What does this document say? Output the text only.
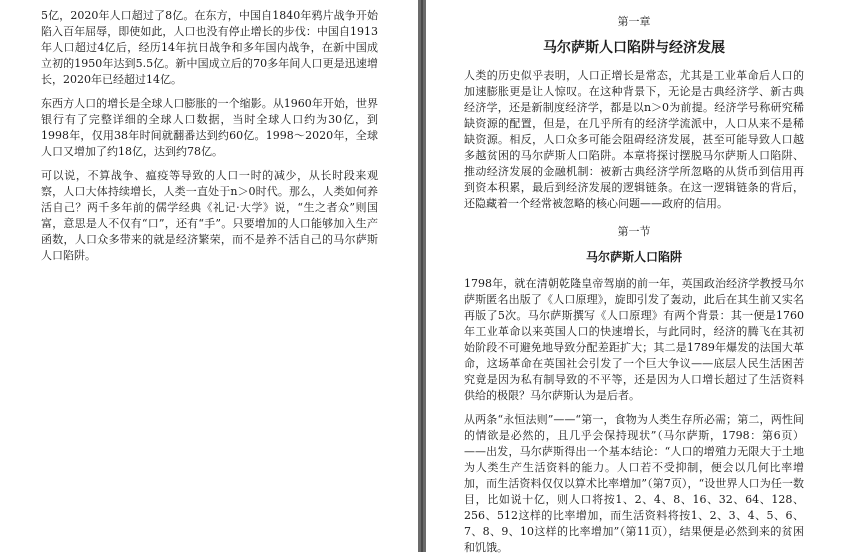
5亿，2020年人口超过了8亿。在东方，中国自1840年鸦片战争开始陷入百年屈辱，即使如此，人口也没有停止增长的步伐：中国自1913年人口超过4亿后，经历14年抗日战争和多年国内战争，在新中国成立初的1950年达到5.5亿。新中国成立后的70多年间人口更是迅速增长，2020年已经超过14亿。

东西方人口的增长是全球人口膨胀的一个缩影。从1960年开始，世界银行有了完整详细的全球人口数据，当时全球人口约为30亿，到1998年，仅用38年时间就翻番达到约60亿。1998～2020年，全球人口又增加了约18亿，达到约78亿。

可以说，不算战争、瘟疫等导致的人口一时的减少，从长时段来观察，人口大体持续增长，人类一直处于n＞0时代。那么，人类如何养活自己？两千多年前的儒学经典《礼记·大学》说，“生之者众”则国富，意思是人不仅有“口”，还有“手”。只要增加的人口能够加入生产函数，人口众多带来的就是经济繁荣，而不是养不活自己的马尔萨斯人口陷阱。

第一章
马尔萨斯人口陷阱与经济发展

人类的历史似乎表明，人口正增长是常态，尤其是工业革命后人口的加速膨胀更是让人惊叹。在这种背景下，无论是古典经济学、新古典经济学，还是新制度经济学，都是以n＞0为前提。经济学号称研究稀缺资源的配置，但是，在几乎所有的经济学流派中，人口从来不是稀缺资源。相反，人口众多可能会阻碍经济发展，甚至可能导致人口越多越贫困的马尔萨斯人口陷阱。本章将探讨摆脱马尔萨斯人口陷阱、推动经济发展的金融机制：被新古典经济学所忽略的从货币到信用再到资本积累，最后到经济发展的逻辑链条。在这一逻辑链条的背后，还隐藏着一个经常被忽略的核心问题——政府的信用。

第一节
马尔萨斯人口陷阱

1798年，就在清朝乾隆皇帝驾崩的前一年，英国政治经济学教授马尔萨斯匿名出版了《人口原理》，旋即引发了轰动，此后在其生前又实名再版了5次。马尔萨斯撰写《人口原理》有两个背景：其一便是1760年工业革命以来英国人口的快速增长，与此同时，经济的腾飞在其初始阶段不可避免地导致分配差距扩大；其二是1789年爆发的法国大革命，这场革命在英国社会引发了一个巨大争议——底层人民生活困苦究竟是因为私有制导致的不平等，还是因为人口增长超过了生活资料供给的极限？马尔萨斯认为是后者。

从两条“永恒法则”——“第一，食物为人类生存所必需；第二，两性间的情欲是必然的，且几乎会保持现状”（马尔萨斯，1798：第6页）——出发，马尔萨斯得出一个基本结论：“人口的增殖力无限大于土地为人类生产生活资料的能力。人口若不受抑制，便会以几何比率增加，而生活资料仅仅以算术比率增加”（第7页），“设世界人口为任一数目，比如说十亿，则人口将按1、2、4、8、16、32、64、128、256、512这样的比率增加，而生活资料将按1、2、3、4、5、6、7、8、9、10这样的比率增加”（第11页），结果便是必然到来的贫困和饥饿。
